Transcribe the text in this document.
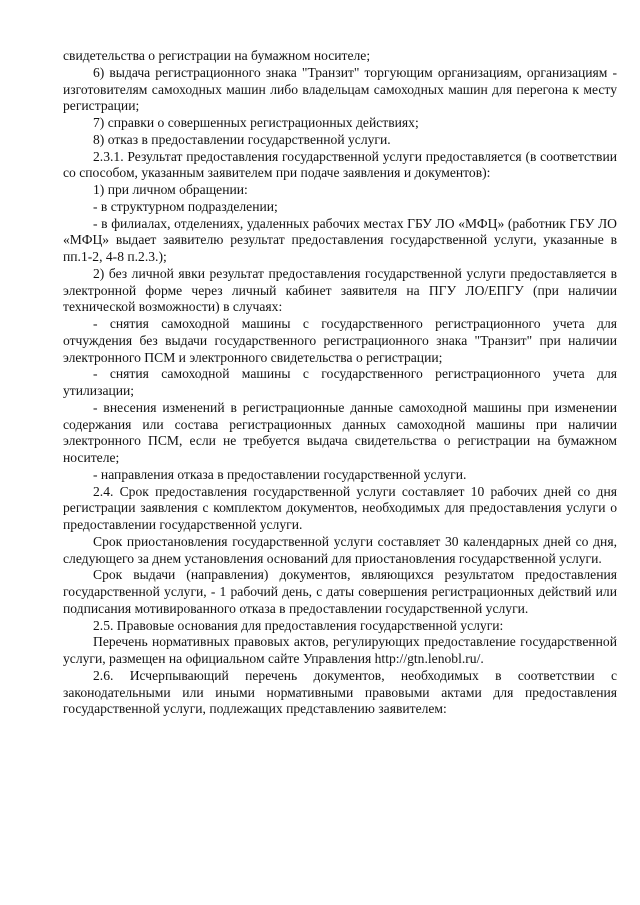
свидетельства о регистрации на бумажном носителе;

6) выдача регистрационного знака "Транзит" торгующим организациям, организациям - изготовителям самоходных машин либо владельцам самоходных машин для перегона к месту регистрации;

7) справки о совершенных регистрационных действиях;

8) отказ в предоставлении государственной услуги.

2.3.1. Результат предоставления государственной услуги предоставляется (в соответствии со способом, указанным заявителем при подаче заявления и документов):

1) при личном обращении:

- в структурном подразделении;

- в филиалах, отделениях, удаленных рабочих местах ГБУ ЛО «МФЦ» (работник ГБУ ЛО «МФЦ» выдает заявителю результат предоставления государственной услуги, указанные в пп.1-2, 4-8 п.2.3.);

2) без личной явки результат предоставления государственной услуги предоставляется в электронной форме через личный кабинет заявителя на ПГУ ЛО/ЕПГУ (при наличии технической возможности) в случаях:

- снятия самоходной машины с государственного регистрационного учета для отчуждения без выдачи государственного регистрационного знака "Транзит" при наличии электронного ПСМ и электронного свидетельства о регистрации;

- снятия самоходной машины с государственного регистрационного учета для утилизации;

- внесения изменений в регистрационные данные самоходной машины при изменении содержания или состава регистрационных данных самоходной машины при наличии электронного ПСМ, если не требуется выдача свидетельства о регистрации на бумажном носителе;

- направления отказа в предоставлении государственной услуги.

2.4. Срок предоставления государственной услуги составляет 10 рабочих дней со дня регистрации заявления с комплектом документов, необходимых для предоставления услуги о предоставлении государственной услуги.

Срок приостановления государственной услуги составляет 30 календарных дней со дня, следующего за днем установления оснований для приостановления государственной услуги.

Срок выдачи (направления) документов, являющихся результатом предоставления государственной услуги, - 1 рабочий день, с даты совершения регистрационных действий или подписания мотивированного отказа в предоставлении государственной услуги.

2.5. Правовые основания для предоставления государственной услуги:

Перечень нормативных правовых актов, регулирующих предоставление государственной услуги, размещен на официальном сайте Управления http://gtn.lenobl.ru/.

2.6. Исчерпывающий перечень документов, необходимых в соответствии с законодательными или иными нормативными правовыми актами для предоставления государственной услуги, подлежащих представлению заявителем:
